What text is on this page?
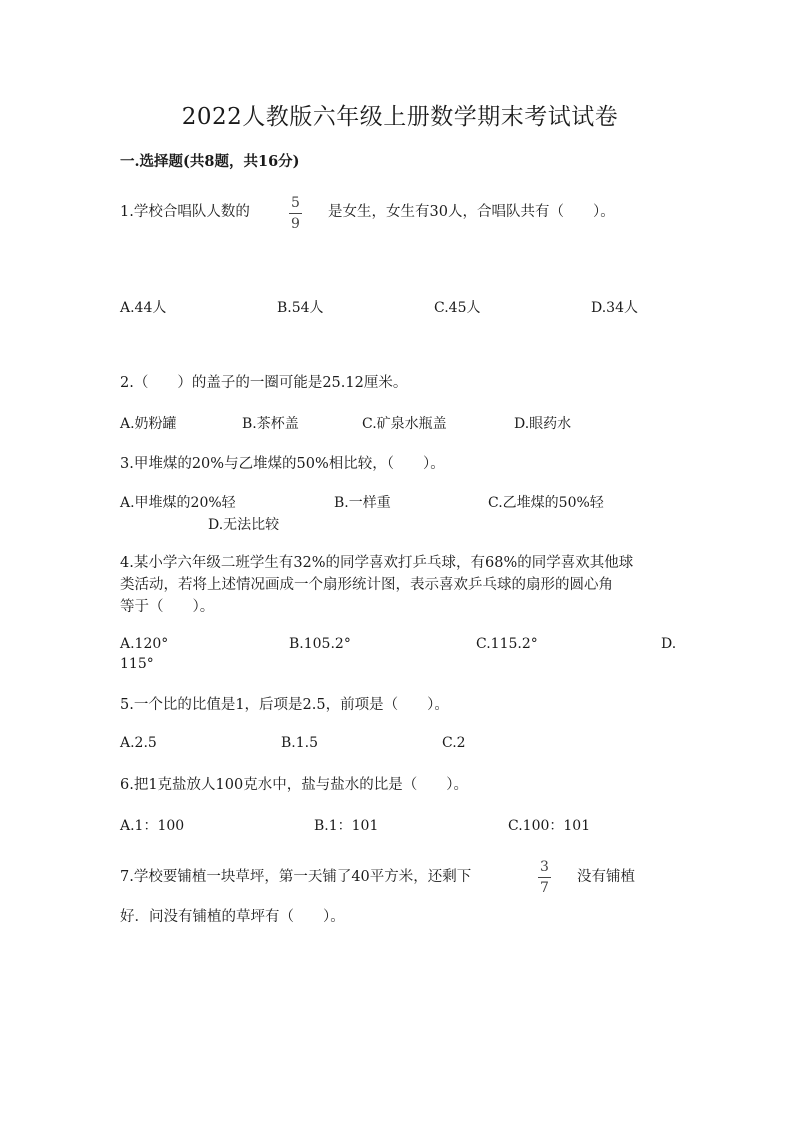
2022人教版六年级上册数学期末考试试卷
一.选择题(共8题，共16分)
1.学校合唱队人数的
5
9
是女生，女生有30人，合唱队共有（　　）。
A.44人	B.54人	C.45人	D.34人
2.（　　）的盖子的一圈可能是25.12厘米。
A.奶粉罐	B.茶杯盖	C.矿泉水瓶盖	D.眼药水
3.甲堆煤的20%与乙堆煤的50%相比较，（　　）。
A.甲堆煤的20%轻	B.一样重	C.乙堆煤的50%轻
D.无法比较
4.某小学六年级二班学生有32%的同学喜欢打乒乓球，有68%的同学喜欢其他球
类活动，若将上述情况画成一个扇形统计图，表示喜欢乒乓球的扇形的圆心角
等于（　　）。
A.120°	B.105.2°	C.115.2°	D.
115°
5.一个比的比值是1，后项是2.5，前项是（　　）。
A.2.5	B.1.5	C.2
6.把1克盐放人100克水中，盐与盐水的比是（　　）。
A.1：100	B.1：101	C.100：101
7.学校要铺植一块草坪，第一天铺了40平方米，还剩下
3
7
没有铺植
好．问没有铺植的草坪有（　　）。
